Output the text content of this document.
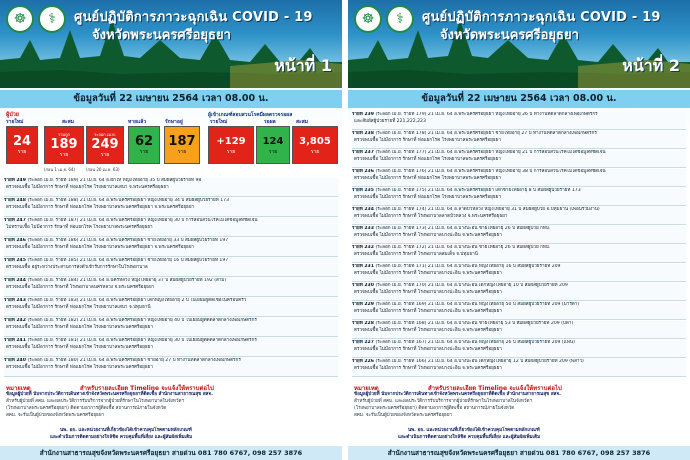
☸	⚕	ศูนย์ปฏิบัติการภาวะฉุกเฉิน COVID - 19
จังหวัดพระนครศรีอยุธยา
หน้าที่ 1
ข้อมูลวันที่ 22 เมษายน 2564 เวลา 08.00 น.
ผู้ป่วย
รายใหม่	สะสม	หายแล้ว	รักษาอยู่
24
ราย
รวมถูก
189
ราย
ระลอก เม.ย.
249
ราย
62
ราย
187
ราย
(ก่อน 1 เม.ย. 64)	(ก่อน 20 เม.ย. 63)
ผู้เข้าเกณฑ์สอบสวนโรคมีผลตรวจรอผล
รายใหม่	รอผล	สะสม
+129
ราย
124
ราย
3,805
ราย
รายที่ 249 (ระลอก เม.ย. รายที่ 189) 21 เม.ย. 64 อ.ผักไห่ หญิงไทยอายุ 35 ปี สัมผัสผู้ป่วยรายที่ 98
ตรวจพบเชื้อ ไม่มีอาการ รักษาที่ ห่อแยกโรค โรงพยาบาลเสนา จ.พระนครศรีอยุธยา
รายที่ 248 (ระลอก เม.ย. รายที่ 188) 21 เม.ย. 64 อ.พระนครศรีอยุธยา หญิงไทยอายุ 34 ปี สัมผัสผู้ป่วยรายที่ 173
ตรวจพบเชื้อ ไม่มีอาการ รักษาที่ ห่อแยกโรค โรงพยาบาลพระนครศรีอยุธยา จ.พระนครศรีอยุธยา
รายที่ 247 (ระลอก เม.ย. รายที่ 187) 21 เม.ย. 64 อ.พระนครศรีอยุธยา หญิงไทยอายุ 30 ปี การสอบสวนโรคไม่ได้ข้อมูลที่ชัดเจน
ไม่ทราบเชื้อ ไม่มีอาการ รักษาที่ ห่อแยกโรค โรงพยาบาลพระนครศรีอยุธยา
รายที่ 246 (ระลอก เม.ย. รายที่ 186) 21 เม.ย. 64 อ.พระนครศรีอยุธยา ชายไทยอายุ 33 ปี สัมผัสผู้ป่วยรายที่ 197
ตรวจพบเชื้อ ไม่มีอาการ รักษาที่ ห่อแยกโรค โรงพยาบาลพระนครศรีอยุธยา จ.พระนครศรีอยุธยา
รายที่ 245 (ระลอก เม.ย. รายที่ 185) 21 เม.ย. 64 อ.พระนครศรีอยุธยา ชายไทยอายุ 16 ปี สัมผัสผู้ป่วยรายที่ 197
ตรวจพบเชื้อ อยู่ระหว่างประสานการส่งตัวเข้ารับการรักษาในโรงพยาบาล
รายที่ 244 (ระลอก เม.ย. รายที่ 184) 21 เม.ย. 64 อ.นครหลวง หญิงไทยอายุ 37 ปี สัมผัสผู้ป่วยรายที่ 192 (สามี)
ตรวจพบเชื้อ ไม่มีอาการ รักษาที่ โรงพยาบาลนครหลวง จ.พระนครศรีอยุธยา
รายที่ 243 (ระลอก เม.ย. รายที่ 183) 21 เม.ย. 64 อ.พระนครศรีอยุธยา เด็กหญิงไทยอายุ 2 ปี ไปเยี่ยมผู้ติดเชื้อในครอบครัว
ตรวจพบเชื้อ ไม่มีอาการ รักษาที่ ห่อแยกโรค โรงพยาบาลเสนา จ.ปทุมธานี
รายที่ 242 (ระลอก เม.ย. รายที่ 182) 21 เม.ย. 64 อ.พระนครศรีอยุธยา หญิงไทยอายุ 40 ปี ไปเยี่ยมผู้ติดตลาดกลางเพื่อเกษตรกร
ตรวจพบเชื้อ ไม่มีอาการ รักษาที่ ห่อแยกโรค โรงพยาบาลพระนครศรีอยุธยา
รายที่ 241 (ระลอก เม.ย. รายที่ 181) 21 เม.ย. 64 อ.พระนครศรีอยุธยา หญิงไทยอายุ 30 ปี ไปเยี่ยมผู้ติดตลาดกลางเพื่อเกษตรกร
ตรวจพบเชื้อ ไม่มีอาการ รักษาที่ ห่อแยกโรค โรงพยาบาลพระนครศรีอยุธยา
รายที่ 240 (ระลอก เม.ย. รายที่ 180) 21 เม.ย. 64 อ.พระนครศรีอยุธยา ชายอายุ 27 ปี ทำงานที่ตลาดกลางเพื่อเกษตรกร
ตรวจพบเชื้อ ไม่มีอาการ รักษาที่ ห่อแยกโรค โรงพยาบาลพระนครศรีอยุธยา
หมายเหตุ	สำหรับรายละเอียด Timeline จะแจ้งให้ทราบต่อไป
ข้อมูลผู้ป่วยที่ นับจากประวัติการเดินทางเข้าจังหวัดพระนครศรีอยุธยาที่ติดเชื้อ สำนักงานสาธารณสุข สสจ.
สำหรับผู้ป่วยที่ สคม. และผลประวัติการรับบริการจากผู้ป่วยที่รักษาในโรงพยาบาลในจังหวัดฯ
(โรงพยาบาลพระนครศรีอยุธยา) ติดตามอาการผู้ติดเชื้อ สถานการณ์ภายในจังหวัด
สคม. จะรับเป็นผู้ป่วยของจังหวัดพระนครศรีอยุธยา
นพ. อธ. และหน่วยงานที่เกี่ยวข้องได้เข้าควบคุมโรคตามหลักเกณฑ์
และดำเนินการติดตามอย่างใกล้ชิด ควบคุมพื้นที่เสี่ยง และผู้สัมผัสเพิ่มเติม
สำนักงานสาธารณสุขจังหวัดพระนครศรีอยุธยา สายด่วน 081 780 6767, 098 257 3876
☸	⚕	ศูนย์ปฏิบัติการภาวะฉุกเฉิน COVID - 19
จังหวัดพระนครศรีอยุธยา
หน้าที่ 2
ข้อมูลวันที่ 22 เมษายน 2564 เวลา 08.00 น.
รายที่ 239 (ระลอก เม.ย. รายที่ 179) 21 เม.ย. 64 อ.พระนครศรีอยุธยา หญิงไทยอายุ 26 ปี ทำงานที่ตลาดกลางเพื่อเกษตรกร
และสัมผัสผู้ป่วยรายที่ 221,222,223
รายที่ 238 (ระลอก เม.ย. รายที่ 178) 21 เม.ย. 64 อ.พระนครศรีอยุธยา ชายไทยอายุ 27 ปี ทำงานที่ตลาดกลางเพื่อเกษตรกร
ตรวจพบเชื้อ ไม่มีอาการ รักษาที่ ห่อแยกโรค โรงพยาบาลพระนครศรีอยุธยา
รายที่ 237 (ระลอก เม.ย. รายที่ 177) 21 เม.ย. 64 อ.พระนครศรีอยุธยา หญิงไทยอายุ 21 ปี การสอบสวนโรคไม่ได้ข้อมูลที่ชัดเจน
ตรวจพบเชื้อ ไม่มีอาการ รักษาที่ ห่อแยกโรค โรงพยาบาลพระนครศรีอยุธยา
รายที่ 236 (ระลอก เม.ย. รายที่ 176) 21 เม.ย. 64 อ.พระนครศรีอยุธยา หญิงไทยอายุ 38 ปี การสอบสวนโรคไม่ได้ข้อมูลที่ชัดเจน
ตรวจพบเชื้อ ไม่มีอาการ รักษาที่ ห่อแยกโรค โรงพยาบาลพระนครศรีอยุธยา
รายที่ 235 (ระลอก เม.ย. รายที่ 175) 21 เม.ย. 64 อ.พระนครศรีอยุธยา เด็กชายไทยอายุ 8 ปี สัมผัสผู้ป่วยรายที่ 173
ตรวจพบเชื้อ ไม่มีอาการ รักษาที่ ห่อแยกโรค โรงพยาบาลพระนครศรีอยุธยา
รายที่ 234 (ระลอก เม.ย. รายที่ 174) 21 เม.ย. 64 อ.ลาดบัวหลวง หญิงไทยอายุ 31 ปี สัมผัสผู้ป่วย จ.ปทุมธานี (เพื่อนร่วมงาน)
ตรวจพบเชื้อ ไม่มีอาการ รักษาที่ โรงพยาบาลลาดบัวหลวง จ.พระนครศรีอยุธยา
รายที่ 233 (ระลอก เม.ย. รายที่ 173) 21 เม.ย. 64 อ.บางปะอิน ชายไทยอายุ 26 ปี สัมผัสผู้ป่วย กทม.
ตรวจพบเชื้อ ไม่มีอาการ รักษาที่ โรงพยาบาลบางปะอิน จ.พระนครศรีอยุธยา
รายที่ 232 (ระลอก เม.ย. รายที่ 172) 21 เม.ย. 64 อ.บางปะอิน ชายไทยอายุ 26 ปี สัมผัสผู้ป่วย กทม.
ตรวจพบเชื้อ ไม่มีอาการ รักษาที่ โรงพยาบาลสมเด็จ จ.ปทุมธานี
รายที่ 231 (ระลอก เม.ย. รายที่ 171) 21 เม.ย. 64 อ.บางปะอิน หญิงไทยอายุ 16 ปี สัมผัสผู้ป่วยรายที่ 209
ตรวจพบเชื้อ ไม่มีอาการ รักษาที่ โรงพยาบาลบางปะอิน จ.พระนครศรีอยุธยา
รายที่ 230 (ระลอก เม.ย. รายที่ 170) 21 เม.ย. 64 อ.บางปะอิน เด็กหญิงไทยอายุ 10 ปี สัมผัสผู้ป่วยรายที่ 209
ตรวจพบเชื้อ ไม่มีอาการ รักษาที่ โรงพยาบาลบางปะอิน จ.พระนครศรีอยุธยา
รายที่ 229 (ระลอก เม.ย. รายที่ 169) 21 เม.ย. 64 อ.บางปะอิน หญิงไทยอายุ 50 ปี สัมผัสผู้ป่วยรายที่ 209 (มารดา)
ตรวจพบเชื้อ ไม่มีอาการ รักษาที่ โรงพยาบาลบางปะอิน จ.พระนครศรีอยุธยา
รายที่ 228 (ระลอก เม.ย. รายที่ 168) 21 เม.ย. 64 อ.บางปะอิน ชายไทยอายุ 53 ปี สัมผัสผู้ป่วยรายที่ 209 (บิดา)
ตรวจพบเชื้อ ไม่มีอาการ รักษาที่ โรงพยาบาลบางปะอิน จ.พระนครศรีอยุธยา
รายที่ 227 (ระลอก เม.ย. รายที่ 167) 21 เม.ย. 64 อ.บางปะอิน หญิงไทยอายุ 26 ปี สัมผัสผู้ป่วยรายที่ 209 (แฟน)
ตรวจพบเชื้อ ไม่มีอาการ รักษาที่ โรงพยาบาลบางปะอิน จ.พระนครศรีอยุธยา
รายที่ 226 (ระลอก เม.ย. รายที่ 166) 21 เม.ย. 64 อ.บางปะอิน เด็กหญิงไทยอายุ 12 ปี สัมผัสผู้ป่วยรายที่ 209 (พี่สาว)
ตรวจพบเชื้อ ไม่มีอาการ รักษาที่ โรงพยาบาลบางปะอิน จ.พระนครศรีอยุธยา
หมายเหตุ	สำหรับรายละเอียด Timeline จะแจ้งให้ทราบต่อไป
ข้อมูลผู้ป่วยที่ นับจากประวัติการเดินทางเข้าจังหวัดพระนครศรีอยุธยาที่ติดเชื้อ สำนักงานสาธารณสุข สสจ.
สำหรับผู้ป่วยที่ สคม. และผลประวัติการรับบริการจากผู้ป่วยที่รักษาในโรงพยาบาลในจังหวัดฯ
(โรงพยาบาลพระนครศรีอยุธยา) ติดตามอาการผู้ติดเชื้อ สถานการณ์ภายในจังหวัด
สคม. จะรับเป็นผู้ป่วยของจังหวัดพระนครศรีอยุธยา
นพ. อธ. และหน่วยงานที่เกี่ยวข้องได้เข้าควบคุมโรคตามหลักเกณฑ์
และดำเนินการติดตามอย่างใกล้ชิด ควบคุมพื้นที่เสี่ยง และผู้สัมผัสเพิ่มเติม
สำนักงานสาธารณสุขจังหวัดพระนครศรีอยุธยา สายด่วน 081 780 6767, 098 257 3876
